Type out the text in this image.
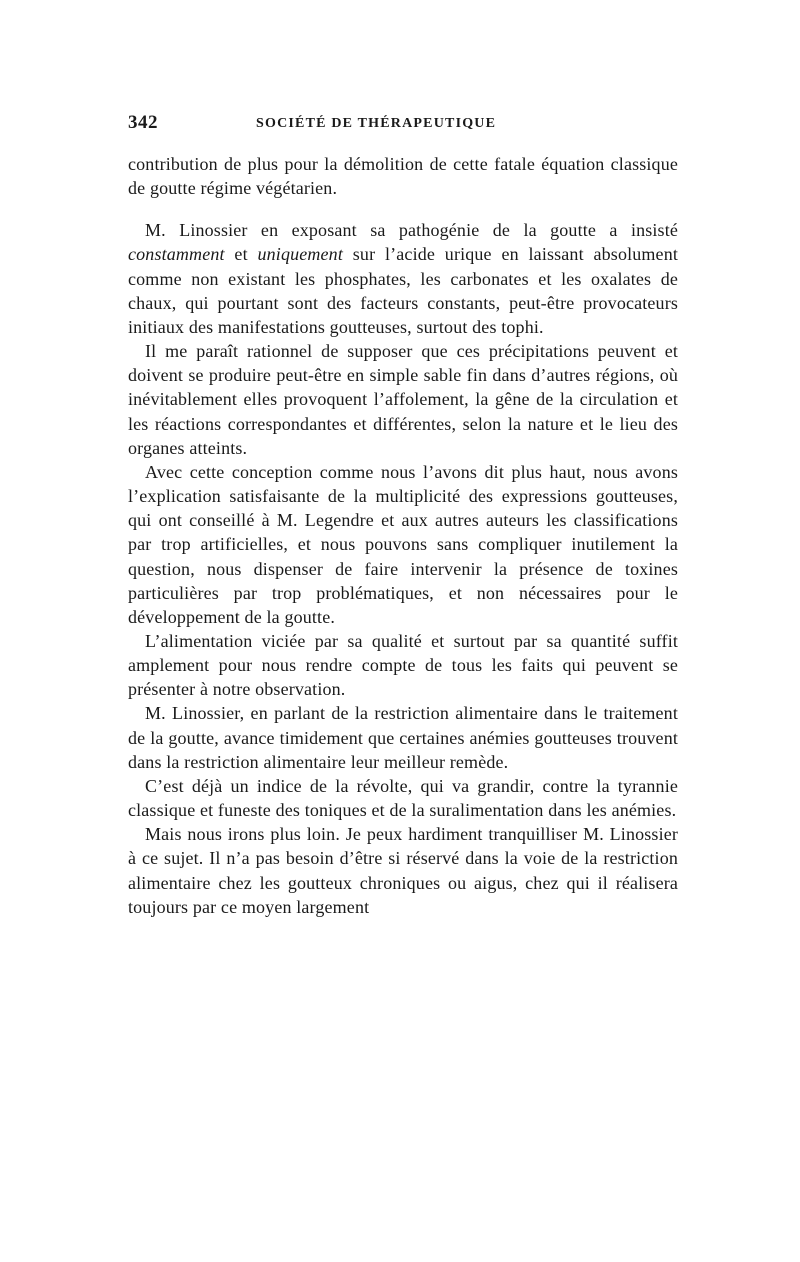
342	SOCIÉTÉ DE THÉRAPEUTIQUE

contribution de plus pour la démolition de cette fatale équation classique de goutte régime végétarien.

M. Linossier en exposant sa pathogénie de la goutte a insisté constamment et uniquement sur l’acide urique en laissant absolument comme non existant les phosphates, les carbonates et les oxalates de chaux, qui pourtant sont des facteurs constants, peut-être provocateurs initiaux des manifestations goutteuses, surtout des tophi.

Il me paraît rationnel de supposer que ces précipitations peuvent et doivent se produire peut-être en simple sable fin dans d’autres régions, où inévitablement elles provoquent l’affolement, la gêne de la circulation et les réactions correspondantes et différentes, selon la nature et le lieu des organes atteints.

Avec cette conception comme nous l’avons dit plus haut, nous avons l’explication satisfaisante de la multiplicité des expressions goutteuses, qui ont conseillé à M. Legendre et aux autres auteurs les classifications par trop artificielles, et nous pouvons sans compliquer inutilement la question, nous dispenser de faire intervenir la présence de toxines particulières par trop problématiques, et non nécessaires pour le développement de la goutte.

L’alimentation viciée par sa qualité et surtout par sa quantité suffit amplement pour nous rendre compte de tous les faits qui peuvent se présenter à notre observation.

M. Linossier, en parlant de la restriction alimentaire dans le traitement de la goutte, avance timidement que certaines anémies goutteuses trouvent dans la restriction alimentaire leur meilleur remède.

C’est déjà un indice de la révolte, qui va grandir, contre la tyrannie classique et funeste des toniques et de la suralimentation dans les anémies.

Mais nous irons plus loin. Je peux hardiment tranquilliser M. Linossier à ce sujet. Il n’a pas besoin d’être si réservé dans la voie de la restriction alimentaire chez les goutteux chroniques ou aigus, chez qui il réalisera toujours par ce moyen largement
